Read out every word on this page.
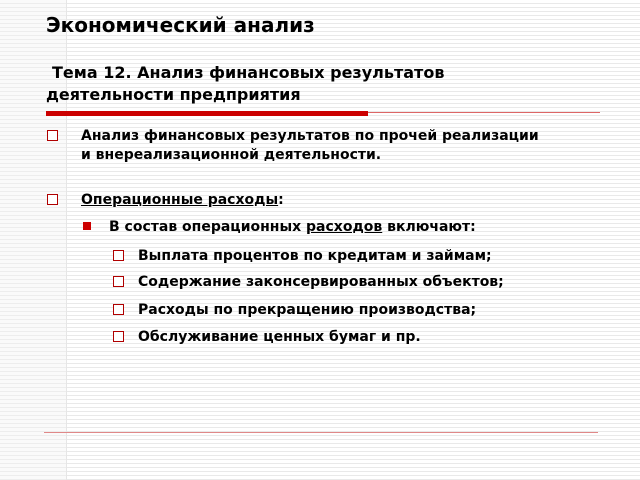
Экономический анализ
Тема 12. Анализ финансовых результатов
деятельности предприятия
Анализ финансовых результатов по прочей реализации
и внереализационной деятельности.
Операционные расходы:
В состав операционных расходов включают:
Выплата процентов по кредитам и займам;
Содержание законсервированных объектов;
Расходы по прекращению производства;
Обслуживание ценных бумаг и пр.
